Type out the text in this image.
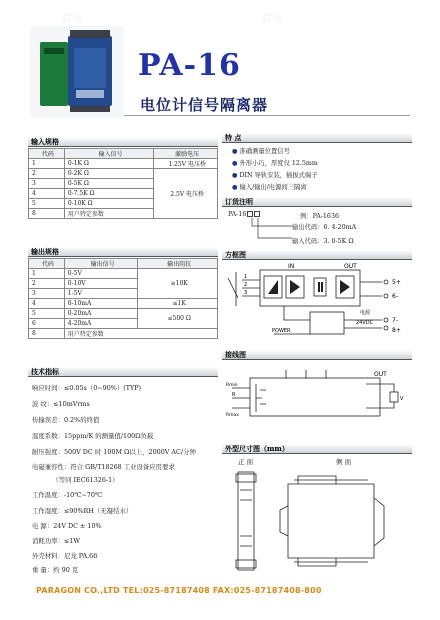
试读	试读
PA-16
电位计信号隔离器
输入规格
代码	输入信号	激励电压
1	0-1K Ω	1.25V 电压桥
2	0-2K Ω	2.5V 电压桥
3	0-5K Ω	
4	0-7.5K Ω	
5	0-10K Ω	
8	用户特定参数	
输出规格
代码	输出信号	输出阻抗
1	0-5V	≥10K
2	0-10V	
3	1-5V	
4	0-10mA	≤1K
5	0-20mA	≤500 Ω
6	4-20mA	
8	用户特定参数	
技术指标
响应时间：≤0.05s（0~90%）(TYP)
波 纹：≤10mVrms
传输误差：0.2%的终值
温度系数：15ppm/K 的测量值/100Ω负载
耐压强度：500V DC 时 100M Ω以上，2000V AC/分钟
电磁兼容性：符合 GB/T18268 工业设备应用要求
（等同 IEC61326-1）
工作温度：-10℃~70℃
工作湿度：≤90%RH（无凝结水）
电 源：24V DC ± 10%
消耗功率：≤1W
外壳材料：尼龙 PA.66
重 量：约 90 克
特 点
● 准确测量位置信号
● 外形小巧，厚度仅 12.5mm
● DIN 导轨安装，插拔式端子
● 输入/输出/电源间三隔离
订货注明
PA-16	例：PA-1636
输出代码：6. 4-20mA
输入代码：3. 0-5K Ω
方框图
IN	OUT
5+
6-
7-
8+
1
2
3
POWER
电源
24VDC
接线图
OUT
R
Rmin
Rmax
V
外型尺寸图（mm）
正 面	侧 面
PARAGON CO.,LTD TEL:025-87187408 FAX:025-87187408-800
